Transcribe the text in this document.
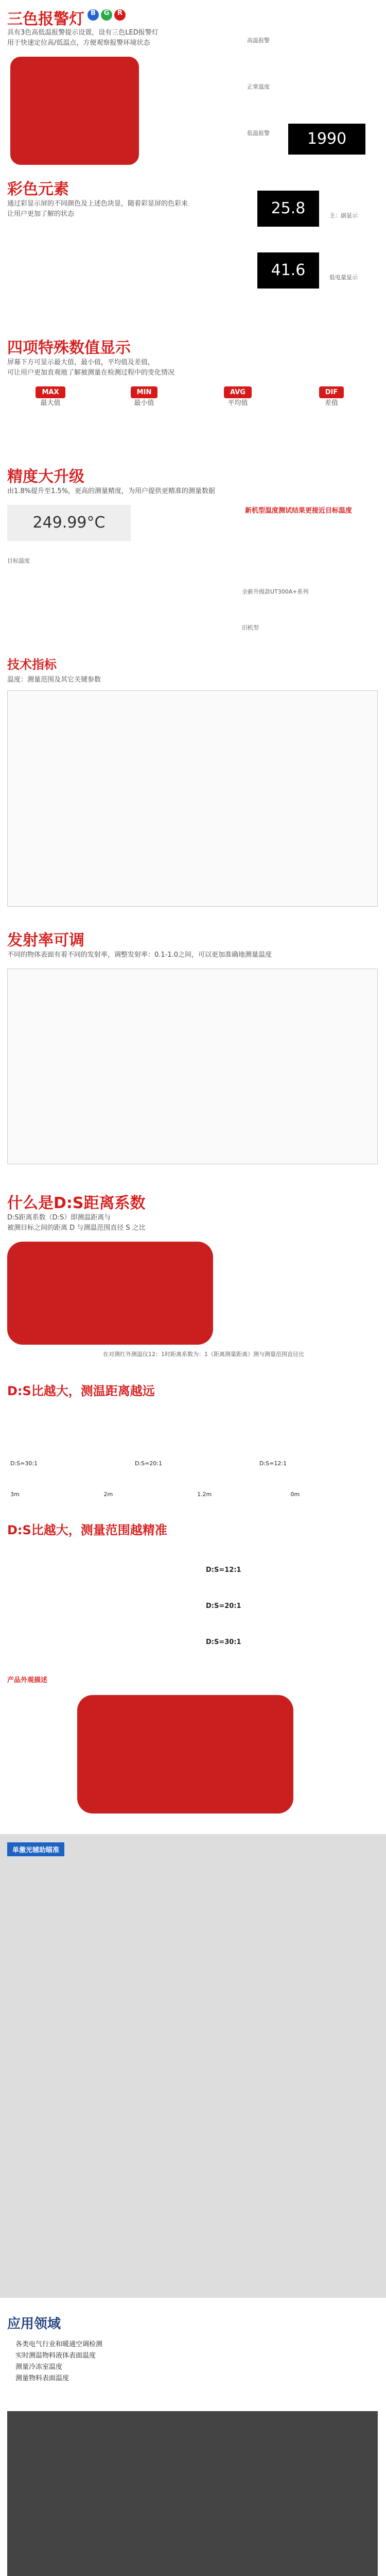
三色报警灯 B	G	R
具有3色高低温报警提示设置，设有三色LED报警灯
用于快速定位高/低温点，方便观察报警环境状态	高温报警
正常温度
低温报警	1990
彩色元素
通过彩显示屏的不同颜色及上述色块显，随着彩显屏的色彩来
让用户更加了解的状态	25.8
41.6
主：副显示
低电量显示
四项特殊数值显示
屏幕下方可显示最大值，最小值，平均值及差值，
可让用户更加直观地了解被测量在检测过程中的变化情况
MAX
最大值
MIN
最小值
AVG
平均值
DIF
差值
精度大升级
由1.8%提升至1.5%，更高的测量精度，为用户提供更精准的测量数据
249.99°C
新机型温度测试结果更接近目标温度
目标温度
全新升级款UT300A+系列
旧机型
技术指标
温度：测量范围及其它关键参数
发射率可调
不同的物体表面有着不同的发射率，调整发射率：0.1-1.0之间，可以更加准确地测量温度
什么是D:S距离系数
D:S距离系数（D:S）即测温距离与
被测目标之间的距离 D 与测温范围直径 S 之比
在对测红外测温仪12：1时距离系数为：1（距离测量距离）测与测量范围直径比
D:S比越大，测温距离越远
D:S=30:1	D:S=20:1	D:S=12:1
3m	2m	1.2m	0m
D:S比越大，测量范围越精准
D:S=12:1
D:S=20:1
D:S=30:1
产品外观描述
单激光辅助瞄准
应用领域
各类电气行业和暖通空调检测
实时测温物料液体表面温度
测量冷冻室温度
测量物料表面温度
